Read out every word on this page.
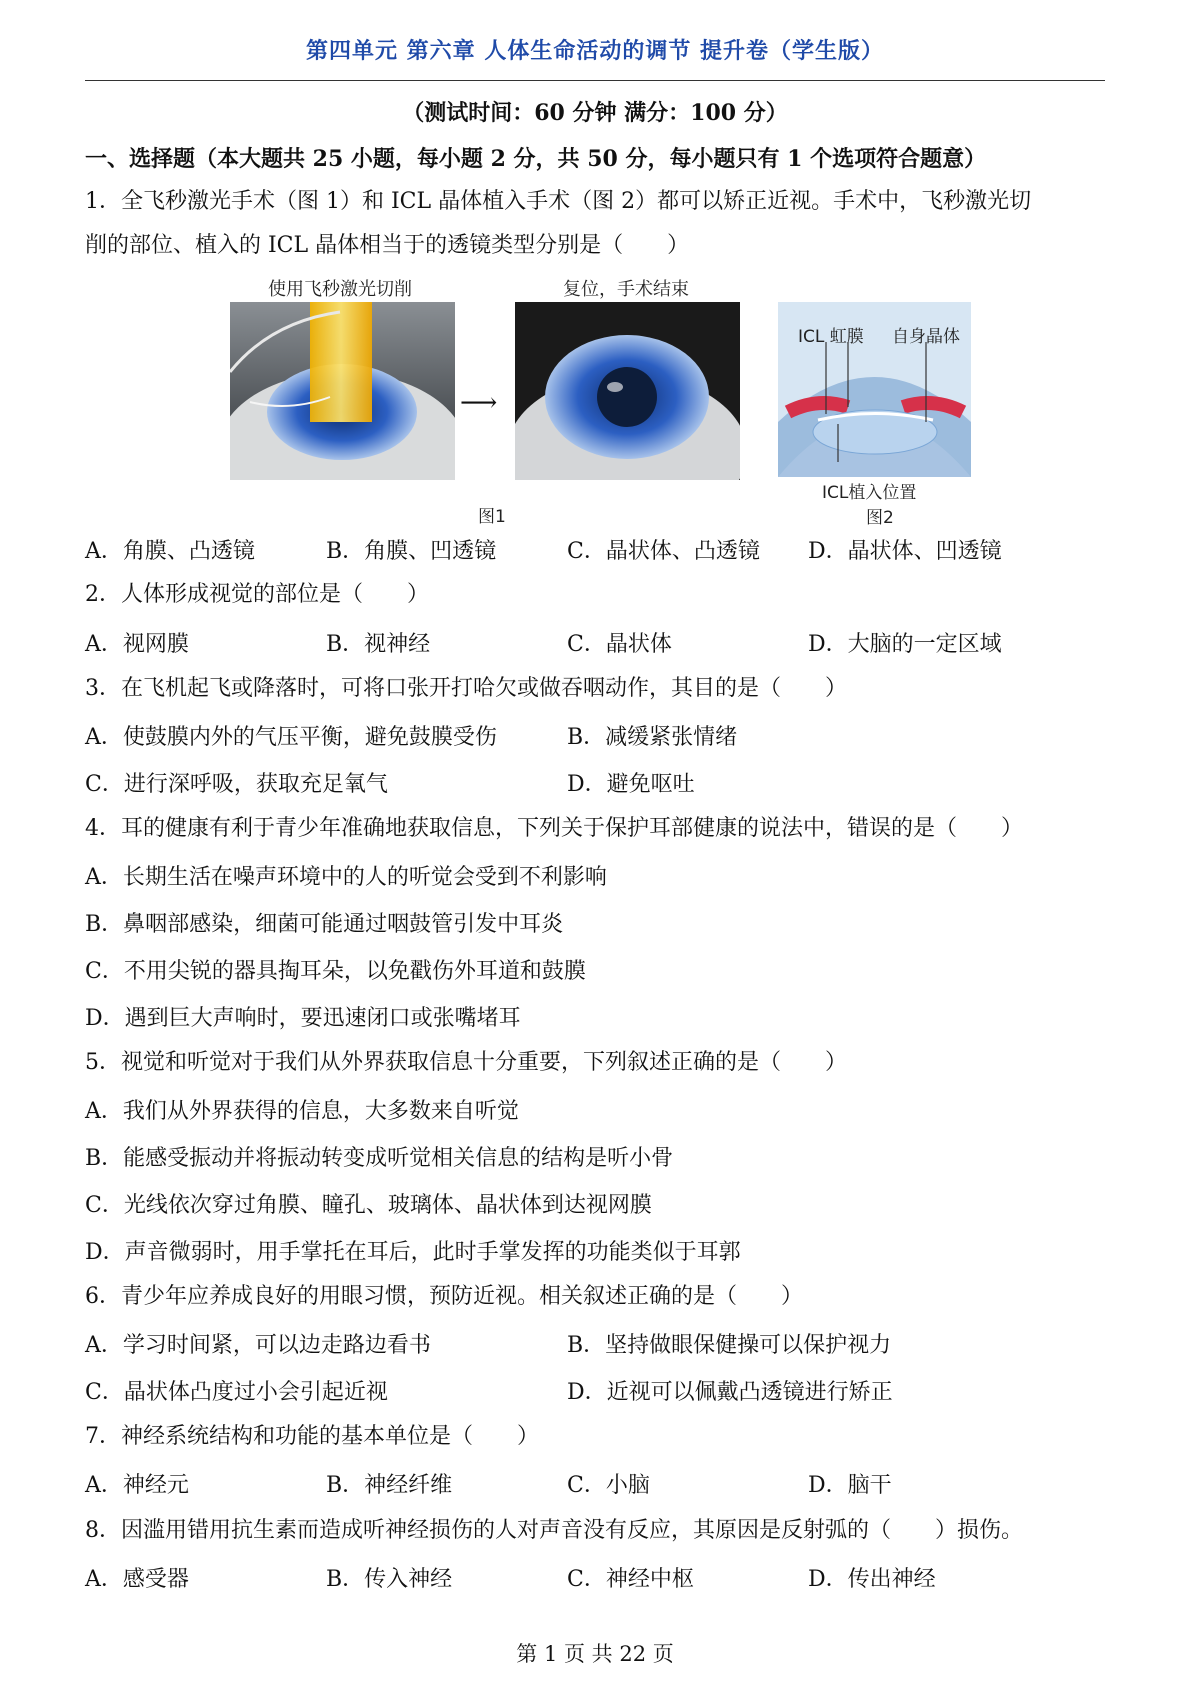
第四单元 第六章 人体生命活动的调节 提升卷（学生版）
（测试时间：60 分钟 满分：100 分）
一、选择题（本大题共 25 小题，每小题 2 分，共 50 分，每小题只有 1 个选项符合题意）
1．全飞秒激光手术（图 1）和 ICL 晶体植入手术（图 2）都可以矫正近视。手术中，飞秒激光切
削的部位、植入的 ICL 晶体相当于的透镜类型分别是（　　）
使用飞秒激光切削	复位，手术结束
⟶
ICL 虹膜 自身晶体
ICL植入位置
图1	图2
A．角膜、凸透镜	B．角膜、凹透镜	C．晶状体、凸透镜 D．晶状体、凹透镜
2．人体形成视觉的部位是（　　）
A．视网膜	B．视神经	C．晶状体	D．大脑的一定区域
3．在飞机起飞或降落时，可将口张开打哈欠或做吞咽动作，其目的是（　　）
A．使鼓膜内外的气压平衡，避免鼓膜受伤	B．减缓紧张情绪
C．进行深呼吸，获取充足氧气	D．避免呕吐
4．耳的健康有利于青少年准确地获取信息，下列关于保护耳部健康的说法中，错误的是（　　）
A．长期生活在噪声环境中的人的听觉会受到不利影响
B．鼻咽部感染，细菌可能通过咽鼓管引发中耳炎
C．不用尖锐的器具掏耳朵，以免戳伤外耳道和鼓膜
D．遇到巨大声响时，要迅速闭口或张嘴堵耳
5．视觉和听觉对于我们从外界获取信息十分重要，下列叙述正确的是（　　）
A．我们从外界获得的信息，大多数来自听觉
B．能感受振动并将振动转变成听觉相关信息的结构是听小骨
C．光线依次穿过角膜、瞳孔、玻璃体、晶状体到达视网膜
D．声音微弱时，用手掌托在耳后，此时手掌发挥的功能类似于耳郭
6．青少年应养成良好的用眼习惯，预防近视。相关叙述正确的是（　　）
A．学习时间紧，可以边走路边看书	B．坚持做眼保健操可以保护视力
C．晶状体凸度过小会引起近视	D．近视可以佩戴凸透镜进行矫正
7．神经系统结构和功能的基本单位是（　　）
A．神经元	B．神经纤维	C．小脑	D．脑干
8．因滥用错用抗生素而造成听神经损伤的人对声音没有反应，其原因是反射弧的（　　）损伤。
A．感受器	B．传入神经	C．神经中枢	D．传出神经
第 1 页 共 22 页
